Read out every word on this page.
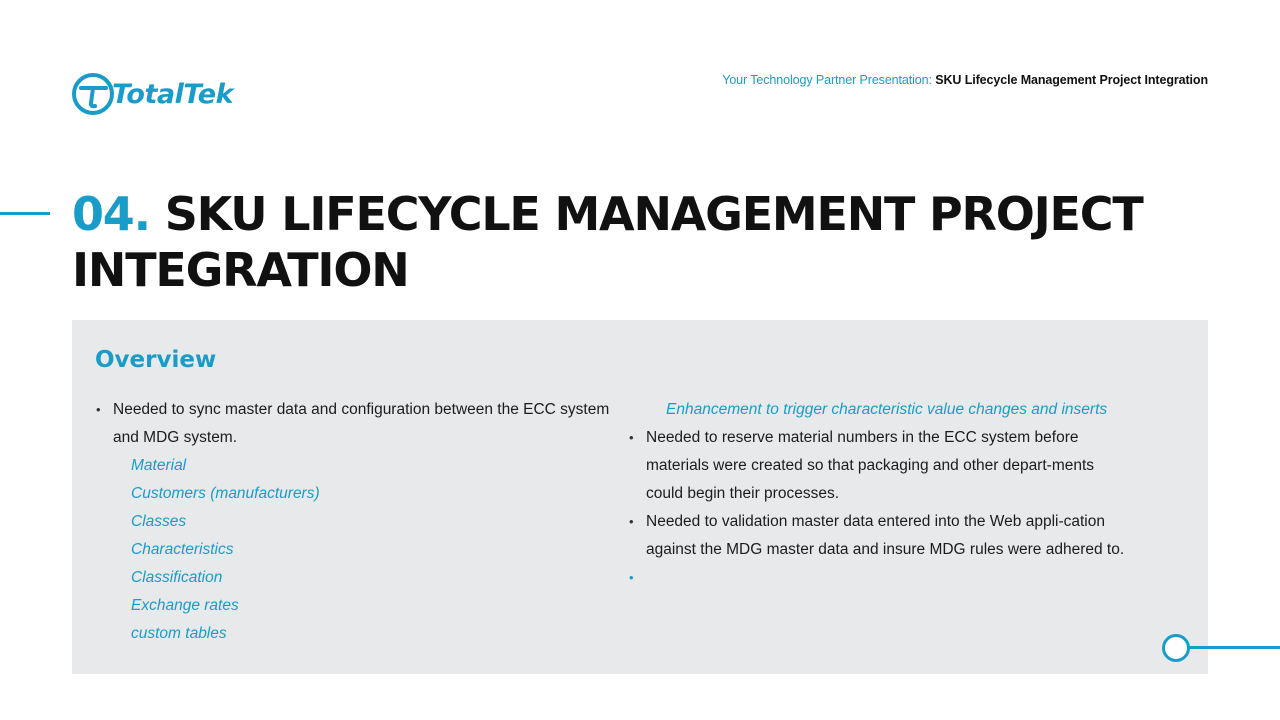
TotalTek	Your Technology Partner Presentation: SKU Lifecycle Management Project Integration
04. SKU LIFECYCLE MANAGEMENT PROJECT INTEGRATION
Overview
• Needed to sync master data and configuration between the ECC system and MDG system.
Material
Customers (manufacturers)
Classes
Characteristics
Classification
Exchange rates
custom tables
Enhancement to trigger characteristic value changes and inserts
• Needed to reserve material numbers in the ECC system before materials were created so that packaging and other depart-ments could begin their processes.
• Needed to validation master data entered into the Web appli-cation against the MDG master data and insure MDG rules were adhered to.
•
